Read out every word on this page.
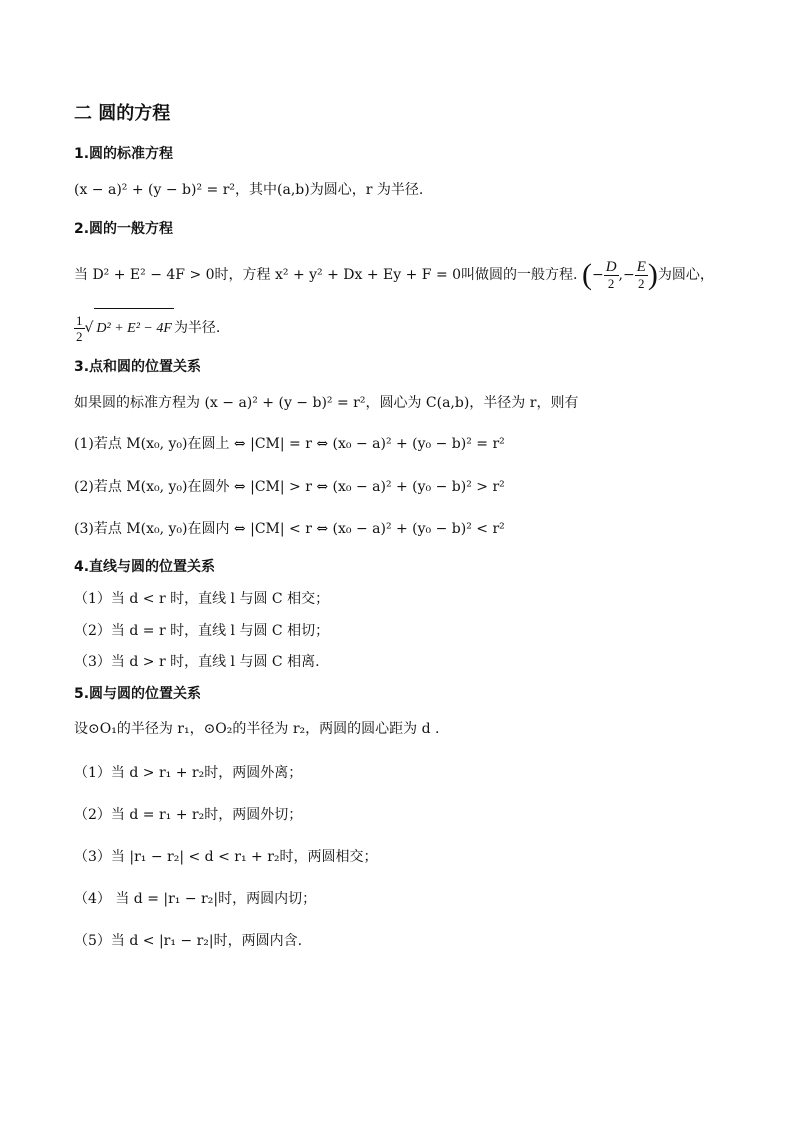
二 圆的方程
1.圆的标准方程
(x − a)² + (y − b)² = r²，其中(a,b)为圆心，r 为半径.
2.圆的一般方程
当 D² + E² − 4F > 0时，方程 x² + y² + Dx + Ey + F = 0叫做圆的一般方程. (− $\frac{D}{2}$ ,− $\frac{E}{2}$ )为圆心，
$\frac{1}{2}$ √ D² + E² − 4F 为半径.
3.点和圆的位置关系
如果圆的标准方程为 (x − a)² + (y − b)² = r²，圆心为 C(a,b)，半径为 r，则有
(1)若点 M(x₀, y₀)在圆上 ⇔ |CM| = r ⇔ (x₀ − a)² + (y₀ − b)² = r²
(2)若点 M(x₀, y₀)在圆外 ⇔ |CM| > r ⇔ (x₀ − a)² + (y₀ − b)² > r²
(3)若点 M(x₀, y₀)在圆内 ⇔ |CM| < r ⇔ (x₀ − a)² + (y₀ − b)² < r²
4.直线与圆的位置关系
（1）当 d < r 时，直线 l 与圆 C 相交；
（2）当 d = r 时，直线 l 与圆 C 相切；
（3）当 d > r 时，直线 l 与圆 C 相离.
5.圆与圆的位置关系
设⊙O₁的半径为 r₁，⊙O₂的半径为 r₂，两圆的圆心距为 d .
（1）当 d > r₁ + r₂时，两圆外离；
（2）当 d = r₁ + r₂时，两圆外切；
（3）当 |r₁ − r₂| < d < r₁ + r₂时，两圆相交；
（4） 当 d = |r₁ − r₂|时，两圆内切；
（5）当 d < |r₁ − r₂|时，两圆内含.
